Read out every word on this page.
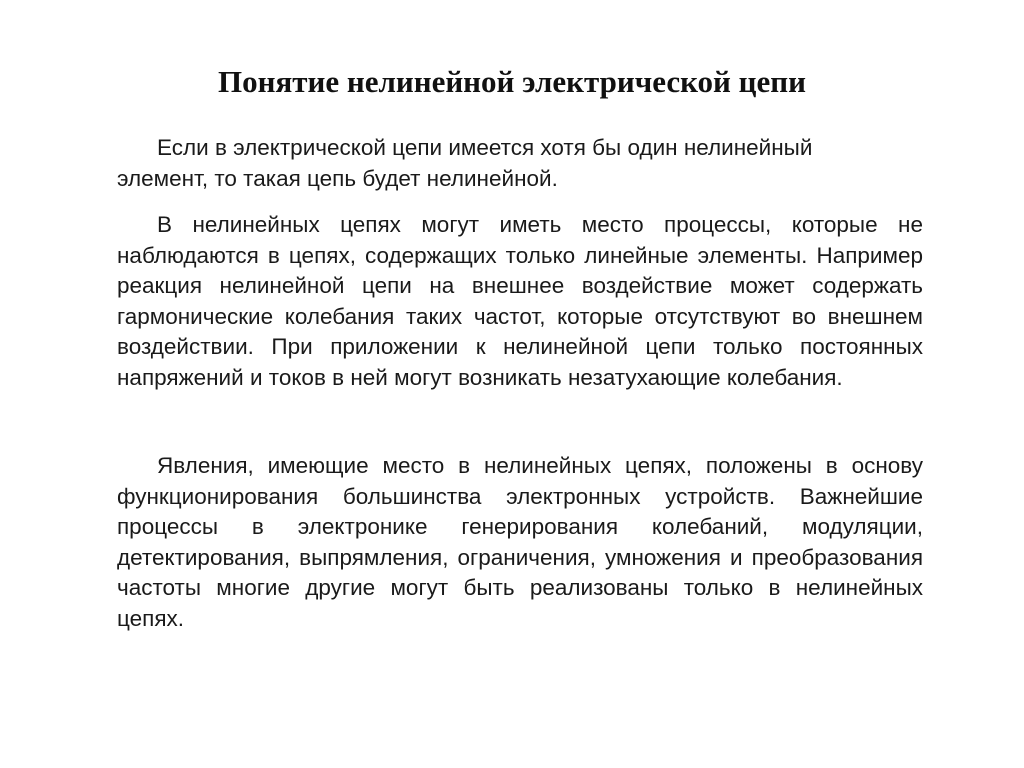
Понятие нелинейной электрической цепи

Если в электрической цепи имеется хотя бы один нелинейный элемент, то такая цепь будет нелинейной.

В нелинейных цепях могут иметь место процессы, которые не наблюдаются в цепях, содержащих только линейные элементы. Например реакция нелинейной цепи на внешнее воздействие может содержать гармонические колебания таких частот, которые отсутствуют во внешнем воздействии. При приложении к нелинейной цепи только постоянных напряжений и токов в ней могут возникать незатухающие колебания.

Явления, имеющие место в нелинейных цепях, положены в основу функционирования большинства электронных устройств. Важнейшие процессы в электронике генерирования колебаний, модуляции, детектирования, выпрямления, ограничения, умножения и преобразования частоты многие другие могут быть реализованы только в нелинейных цепях.
